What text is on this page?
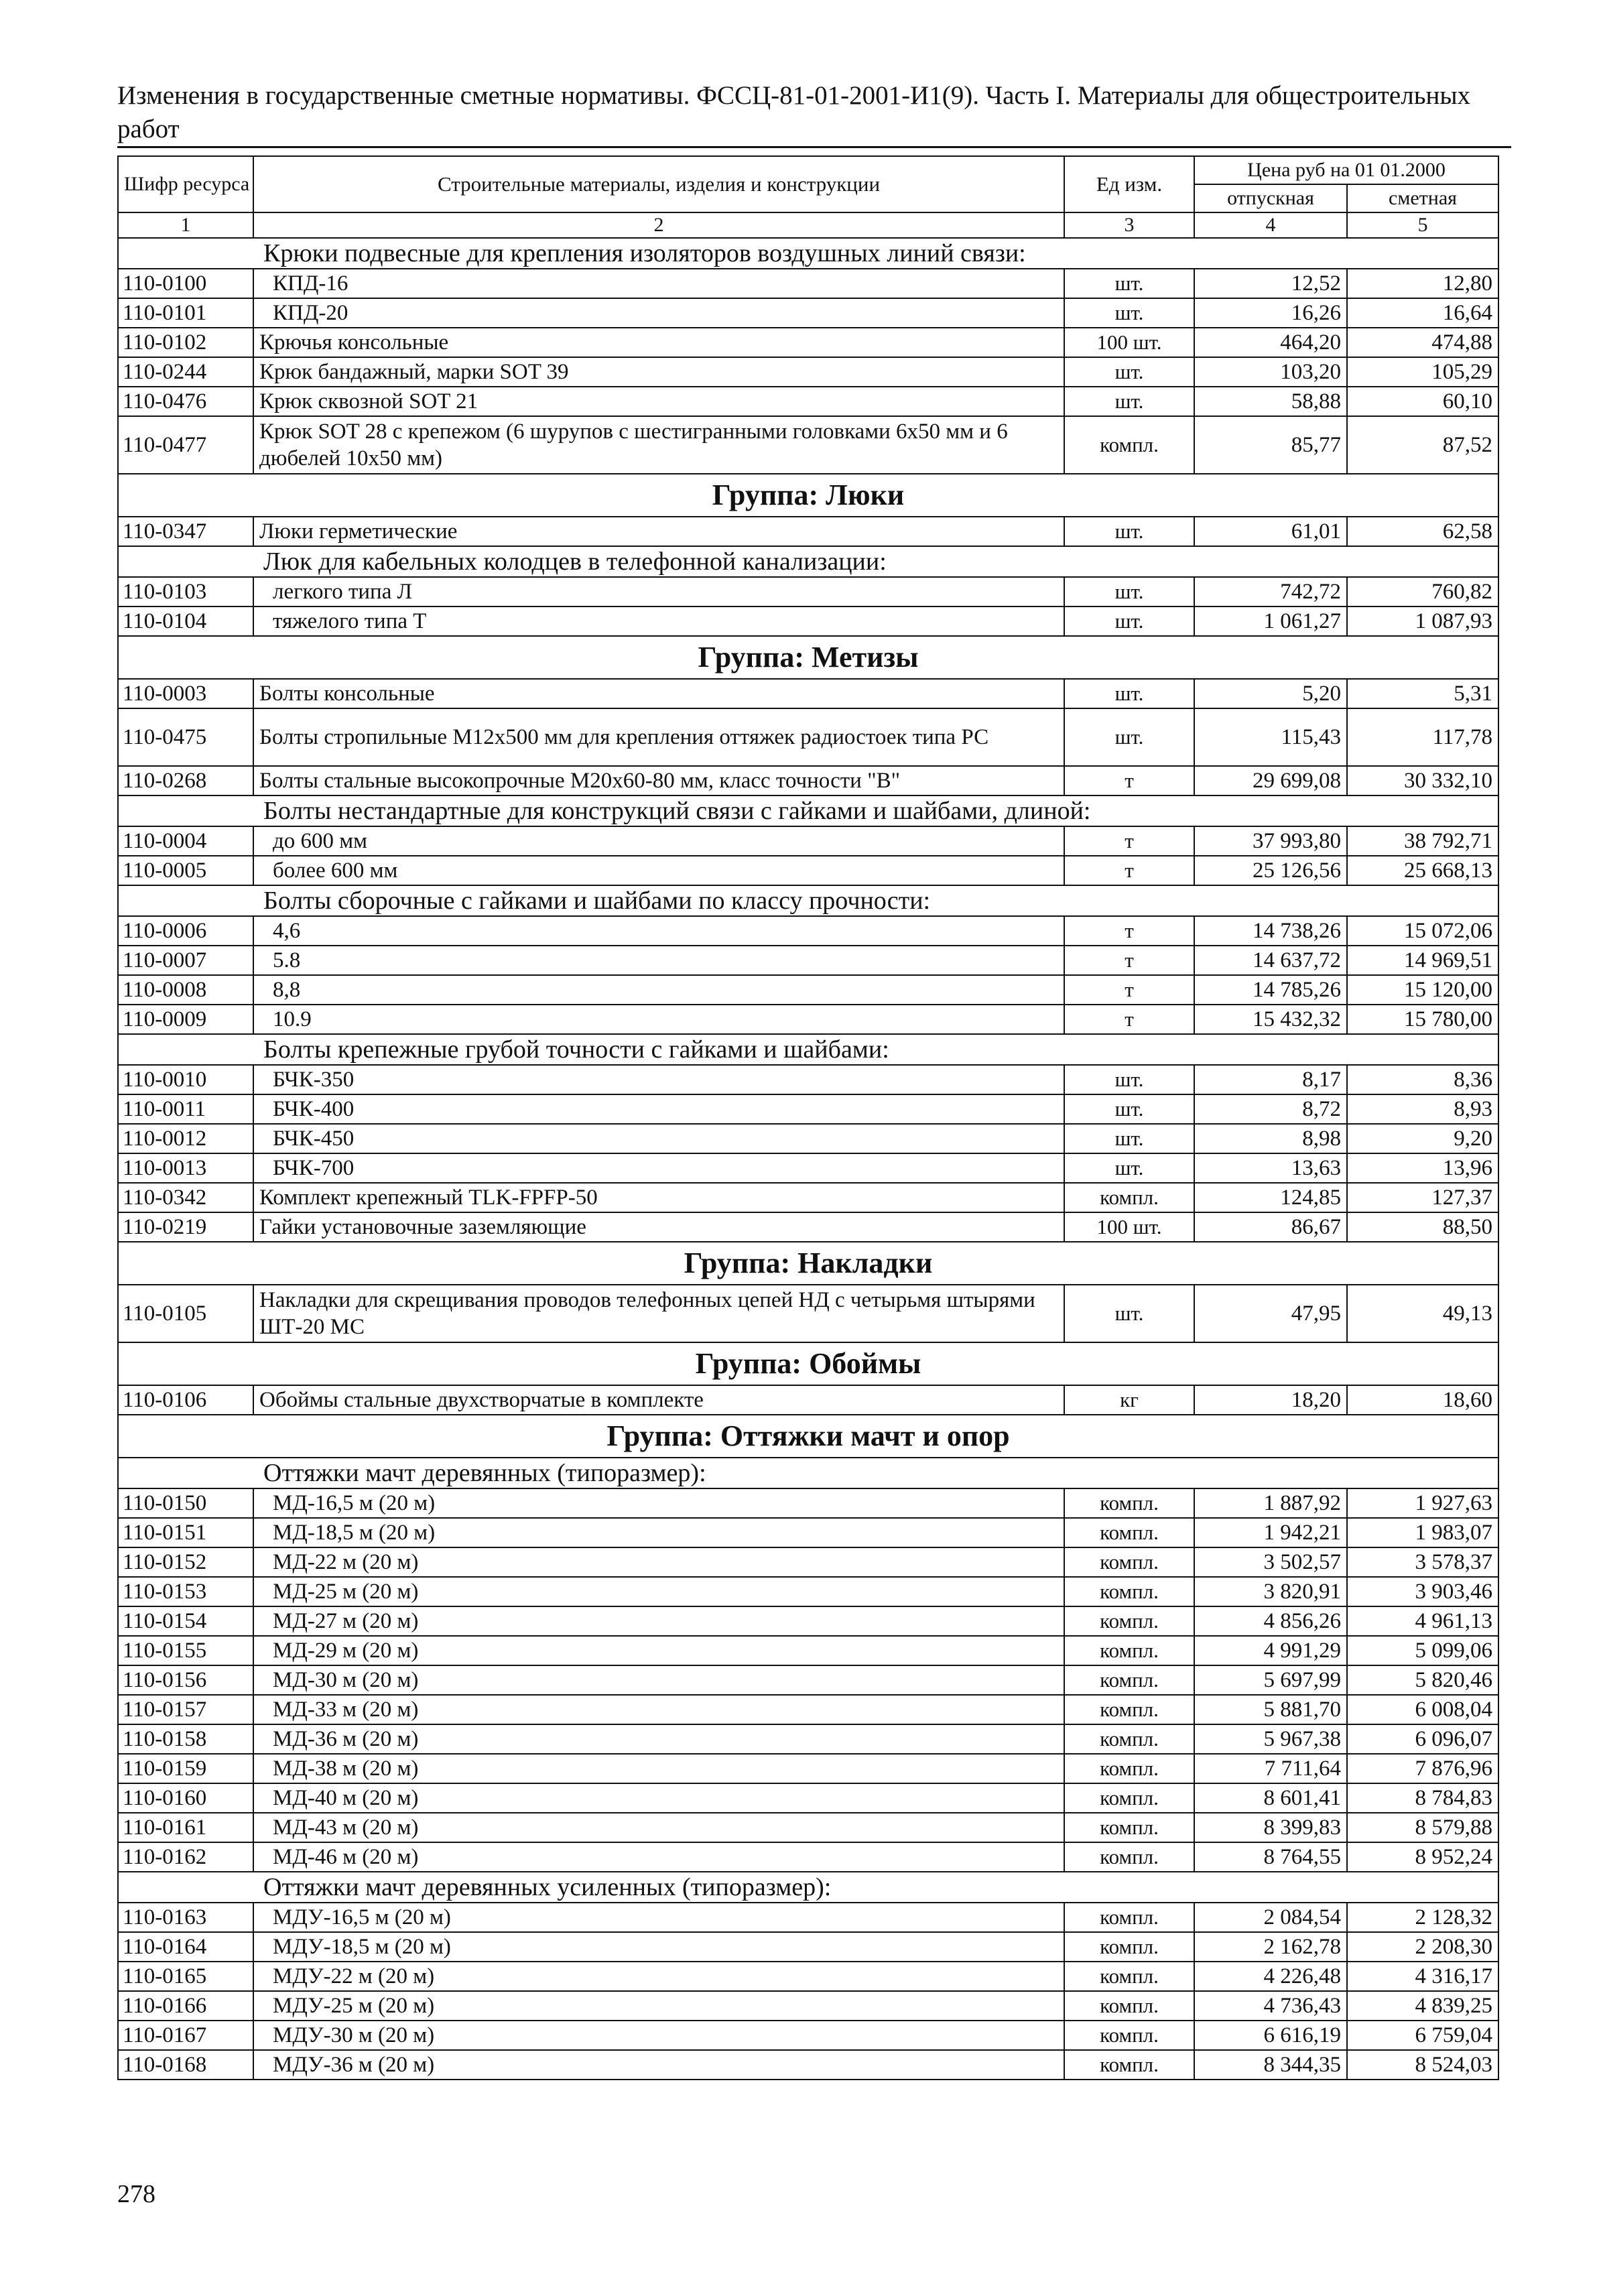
Изменения в государственные сметные нормативы. ФССЦ-81-01-2001-И1(9). Часть I. Материалы для общестроительных работ
Шифр ресурса	Строительные материалы, изделия и конструкции	Ед изм.	Цена руб на 01 01.2000	
			отпускная	сметная
1	2	3	4	5
Крюки подвесные для крепления изоляторов воздушных линий связи:				
110-0100	КПД-16	шт.	12,52	12,80
110-0101	КПД-20	шт.	16,26	16,64
110-0102	Крючья консольные	100 шт.	464,20	474,88
110-0244	Крюк бандажный, марки SOT 39	шт.	103,20	105,29
110-0476	Крюк сквозной SOT 21	шт.	58,88	60,10
110-0477	Крюк SOT 28 с крепежом (6 шурупов с шестигранными головками 6х50 мм и 6 дюбелей 10х50 мм)	компл.	85,77	87,52
Группа: Люки				
110-0347	Люки герметические	шт.	61,01	62,58
Люк для кабельных колодцев в телефонной канализации:				
110-0103	легкого типа Л	шт.	742,72	760,82
110-0104	тяжелого типа Т	шт.	1 061,27	1 087,93
Группа: Метизы				
110-0003	Болты консольные	шт.	5,20	5,31
110-0475	Болты стропильные М12х500 мм для крепления оттяжек радиостоек типа РС	шт.	115,43	117,78
110-0268	Болты стальные высокопрочные М20х60-80 мм, класс точности "В"	т	29 699,08	30 332,10
Болты нестандартные для конструкций связи с гайками и шайбами, длиной:				
110-0004	до 600 мм	т	37 993,80	38 792,71
110-0005	более 600 мм	т	25 126,56	25 668,13
Болты сборочные с гайками и шайбами по классу прочности:				
110-0006	4,6	т	14 738,26	15 072,06
110-0007	5.8	т	14 637,72	14 969,51
110-0008	8,8	т	14 785,26	15 120,00
110-0009	10.9	т	15 432,32	15 780,00
Болты крепежные грубой точности с гайками и шайбами:				
110-0010	БЧК-350	шт.	8,17	8,36
110-0011	БЧК-400	шт.	8,72	8,93
110-0012	БЧК-450	шт.	8,98	9,20
110-0013	БЧК-700	шт.	13,63	13,96
110-0342	Комплект крепежный TLK-FPFP-50	компл.	124,85	127,37
110-0219	Гайки установочные заземляющие	100 шт.	86,67	88,50
Группа: Накладки				
110-0105	Накладки для скрещивания проводов телефонных цепей НД с четырьмя штырями ШТ-20 МС	шт.	47,95	49,13
Группа: Обоймы				
110-0106	Обоймы стальные двухстворчатые в комплекте	кг	18,20	18,60
Группа: Оттяжки мачт и опор				
Оттяжки мачт деревянных (типоразмер):				
110-0150	МД-16,5 м (20 м)	компл.	1 887,92	1 927,63
110-0151	МД-18,5 м (20 м)	компл.	1 942,21	1 983,07
110-0152	МД-22 м (20 м)	компл.	3 502,57	3 578,37
110-0153	МД-25 м (20 м)	компл.	3 820,91	3 903,46
110-0154	МД-27 м (20 м)	компл.	4 856,26	4 961,13
110-0155	МД-29 м (20 м)	компл.	4 991,29	5 099,06
110-0156	МД-30 м (20 м)	компл.	5 697,99	5 820,46
110-0157	МД-33 м (20 м)	компл.	5 881,70	6 008,04
110-0158	МД-36 м (20 м)	компл.	5 967,38	6 096,07
110-0159	МД-38 м (20 м)	компл.	7 711,64	7 876,96
110-0160	МД-40 м (20 м)	компл.	8 601,41	8 784,83
110-0161	МД-43 м (20 м)	компл.	8 399,83	8 579,88
110-0162	МД-46 м (20 м)	компл.	8 764,55	8 952,24
Оттяжки мачт деревянных усиленных (типоразмер):				
110-0163	МДУ-16,5 м (20 м)	компл.	2 084,54	2 128,32
110-0164	МДУ-18,5 м (20 м)	компл.	2 162,78	2 208,30
110-0165	МДУ-22 м (20 м)	компл.	4 226,48	4 316,17
110-0166	МДУ-25 м (20 м)	компл.	4 736,43	4 839,25
110-0167	МДУ-30 м (20 м)	компл.	6 616,19	6 759,04
110-0168	МДУ-36 м (20 м)	компл.	8 344,35	8 524,03
278
